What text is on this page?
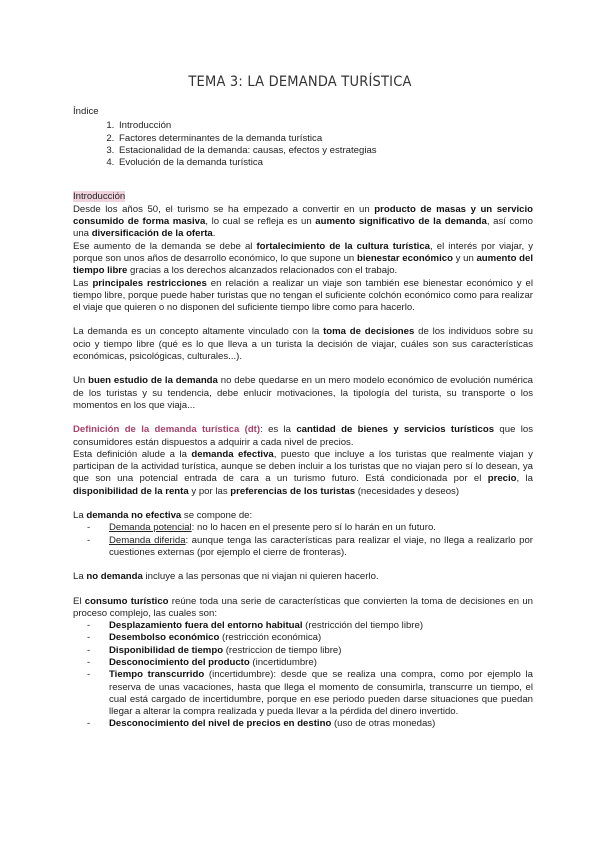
TEMA 3: LA DEMANDA TURÍSTICA

Índice

1. Introducción
2. Factores determinantes de la demanda turística
3. Estacionalidad de la demanda: causas, efectos y estrategias
4. Evolución de la demanda turística

Introducción

Desde los años 50, el turismo se ha empezado a convertir en un producto de masas y un servicio consumido de forma masiva, lo cual se refleja es un aumento significativo de la demanda, así como una diversificación de la oferta.

Ese aumento de la demanda se debe al fortalecimiento de la cultura turística, el interés por viajar, y porque son unos años de desarrollo económico, lo que supone un bienestar económico y un aumento del tiempo libre gracias a los derechos alcanzados relacionados con el trabajo.

Las principales restricciones en relación a realizar un viaje son también ese bienestar económico y el tiempo libre, porque puede haber turistas que no tengan el suficiente colchón económico como para realizar el viaje que quieren o no disponen del suficiente tiempo libre como para hacerlo.

La demanda es un concepto altamente vinculado con la toma de decisiones de los individuos sobre su ocio y tiempo libre (qué es lo que lleva a un turista la decisión de viajar, cuáles son sus características económicas, psicológicas, culturales...).

Un buen estudio de la demanda no debe quedarse en un mero modelo económico de evolución numérica de los turistas y su tendencia, debe enlucir motivaciones, la tipología del turista, su transporte o los momentos en los que viaja...

Definición de la demanda turística (dt): es la cantidad de bienes y servicios turísticos que los consumidores están dispuestos a adquirir a cada nivel de precios.

Esta definición alude a la demanda efectiva, puesto que incluye a los turistas que realmente viajan y participan de la actividad turística, aunque se deben incluir a los turistas que no viajan pero sí lo desean, ya que son una potencial entrada de cara a un turismo futuro. Está condicionada por el precio, la disponibilidad de la renta y por las preferencias de los turistas (necesidades y deseos)

La demanda no efectiva se compone de:

- Demanda potencial: no lo hacen en el presente pero sí lo harán en un futuro.
- Demanda diferida: aunque tenga las características para realizar el viaje, no llega a realizarlo por cuestiones externas (por ejemplo el cierre de fronteras).

La no demanda incluye a las personas que ni viajan ni quieren hacerlo.

El consumo turístico reúne toda una serie de características que convierten la toma de decisiones en un proceso complejo, las cuales son:

- Desplazamiento fuera del entorno habitual (restricción del tiempo libre)
- Desembolso económico (restricción económica)
- Disponibilidad de tiempo (restriccion de tiempo libre)
- Desconocimiento del producto (incertidumbre)
- Tiempo transcurrido (incertidumbre): desde que se realiza una compra, como por ejemplo la reserva de unas vacaciones, hasta que llega el momento de consumirla, transcurre un tiempo, el cual está cargado de incertidumbre, porque en ese periodo pueden darse situaciones que puedan llegar a alterar la compra realizada y pueda llevar a la pérdida del dinero invertido.
- Desconocimiento del nivel de precios en destino (uso de otras monedas)
